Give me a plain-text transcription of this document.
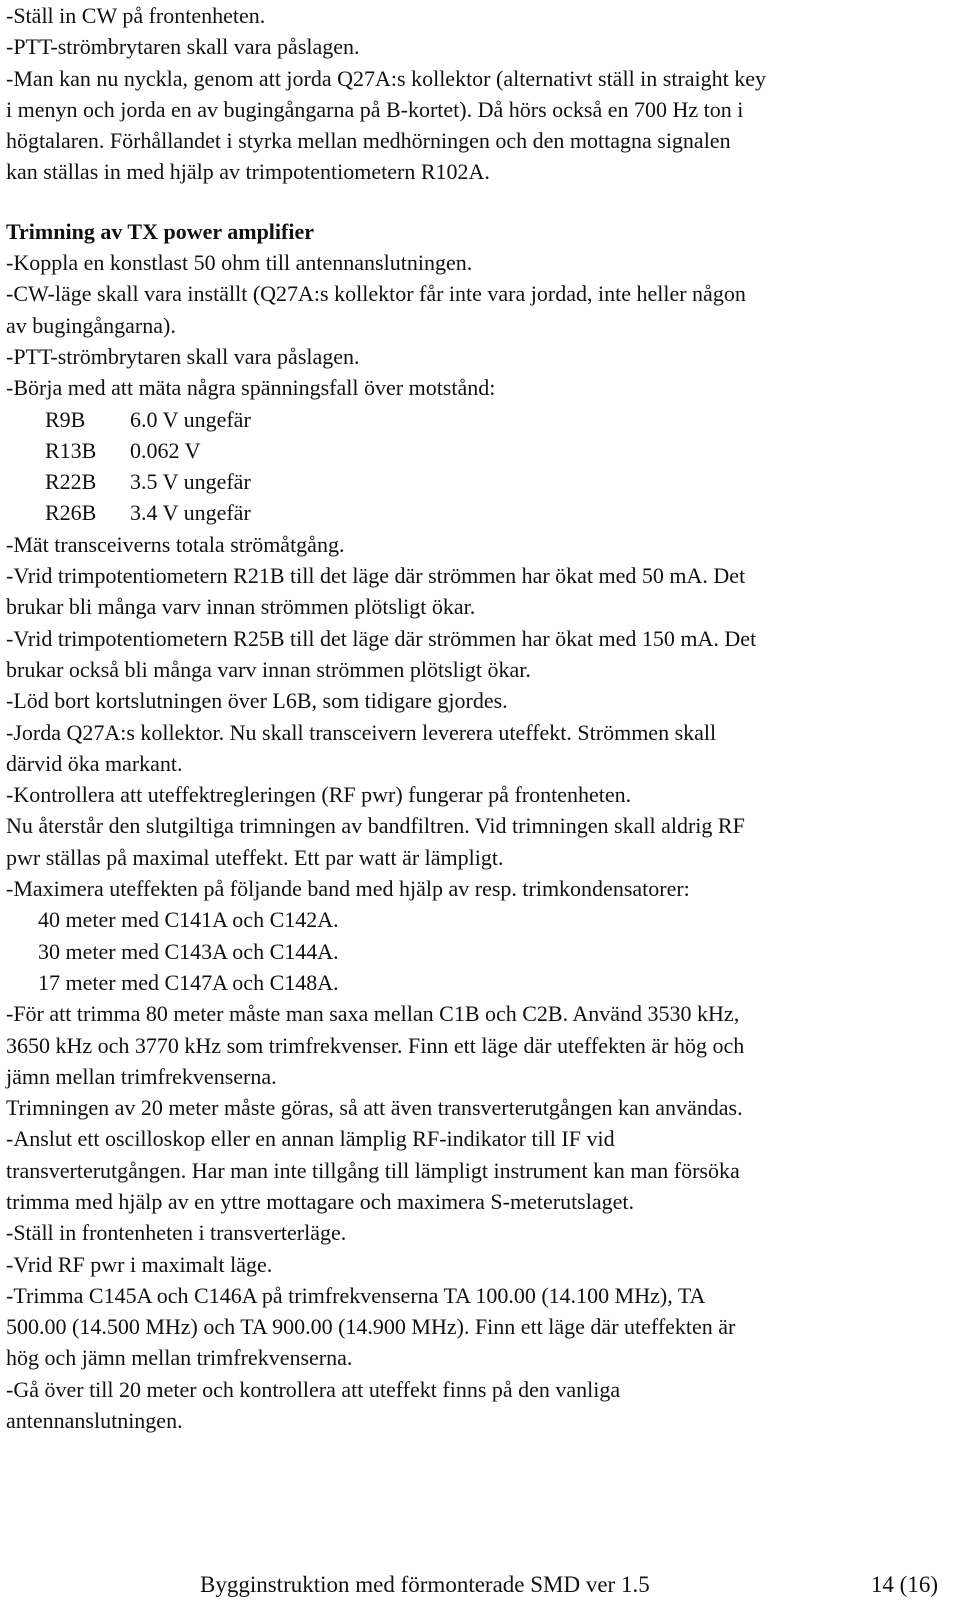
-Ställ in CW på frontenheten.
-PTT-strömbrytaren skall vara påslagen.
-Man kan nu nyckla, genom att jorda Q27A:s kollektor (alternativt ställ in straight key
i menyn och jorda en av bugingångarna på B-kortet). Då hörs också en 700 Hz ton i
högtalaren. Förhållandet i styrka mellan medhörningen och den mottagna signalen
kan ställas in med hjälp av trimpotentiometern R102A.
Trimning av TX power amplifier
-Koppla en konstlast 50 ohm till antennanslutningen.
-CW-läge skall vara inställt (Q27A:s kollektor får inte vara jordad, inte heller någon
av bugingångarna).
-PTT-strömbrytaren skall vara påslagen.
-Börja med att mäta några spänningsfall över motstånd:
R9B 6.0 V ungefär
R13B 0.062 V
R22B 3.5 V ungefär
R26B 3.4 V ungefär
-Mät transceiverns totala strömåtgång.
-Vrid trimpotentiometern R21B till det läge där strömmen har ökat med 50 mA. Det
brukar bli många varv innan strömmen plötsligt ökar.
-Vrid trimpotentiometern R25B till det läge där strömmen har ökat med 150 mA. Det
brukar också bli många varv innan strömmen plötsligt ökar.
-Löd bort kortslutningen över L6B, som tidigare gjordes.
-Jorda Q27A:s kollektor. Nu skall transceivern leverera uteffekt. Strömmen skall
därvid öka markant.
-Kontrollera att uteffektregleringen (RF pwr) fungerar på frontenheten.
Nu återstår den slutgiltiga trimningen av bandfiltren. Vid trimningen skall aldrig RF
pwr ställas på maximal uteffekt. Ett par watt är lämpligt.
-Maximera uteffekten på följande band med hjälp av resp. trimkondensatorer:
40 meter med C141A och C142A.
30 meter med C143A och C144A.
17 meter med C147A och C148A.
-För att trimma 80 meter måste man saxa mellan C1B och C2B. Använd 3530 kHz,
3650 kHz och 3770 kHz som trimfrekvenser. Finn ett läge där uteffekten är hög och
jämn mellan trimfrekvenserna.
Trimningen av 20 meter måste göras, så att även transverterutgången kan användas.
-Anslut ett oscilloskop eller en annan lämplig RF-indikator till IF vid
transverterutgången. Har man inte tillgång till lämpligt instrument kan man försöka
trimma med hjälp av en yttre mottagare och maximera S-meterutslaget.
-Ställ in frontenheten i transverterläge.
-Vrid RF pwr i maximalt läge.
-Trimma C145A och C146A på trimfrekvenserna TA 100.00 (14.100 MHz), TA
500.00 (14.500 MHz) och TA 900.00 (14.900 MHz). Finn ett läge där uteffekten är
hög och jämn mellan trimfrekvenserna.
-Gå över till 20 meter och kontrollera att uteffekt finns på den vanliga
antennanslutningen.
Bygginstruktion med förmonterade SMD ver 1.5	14 (16)
